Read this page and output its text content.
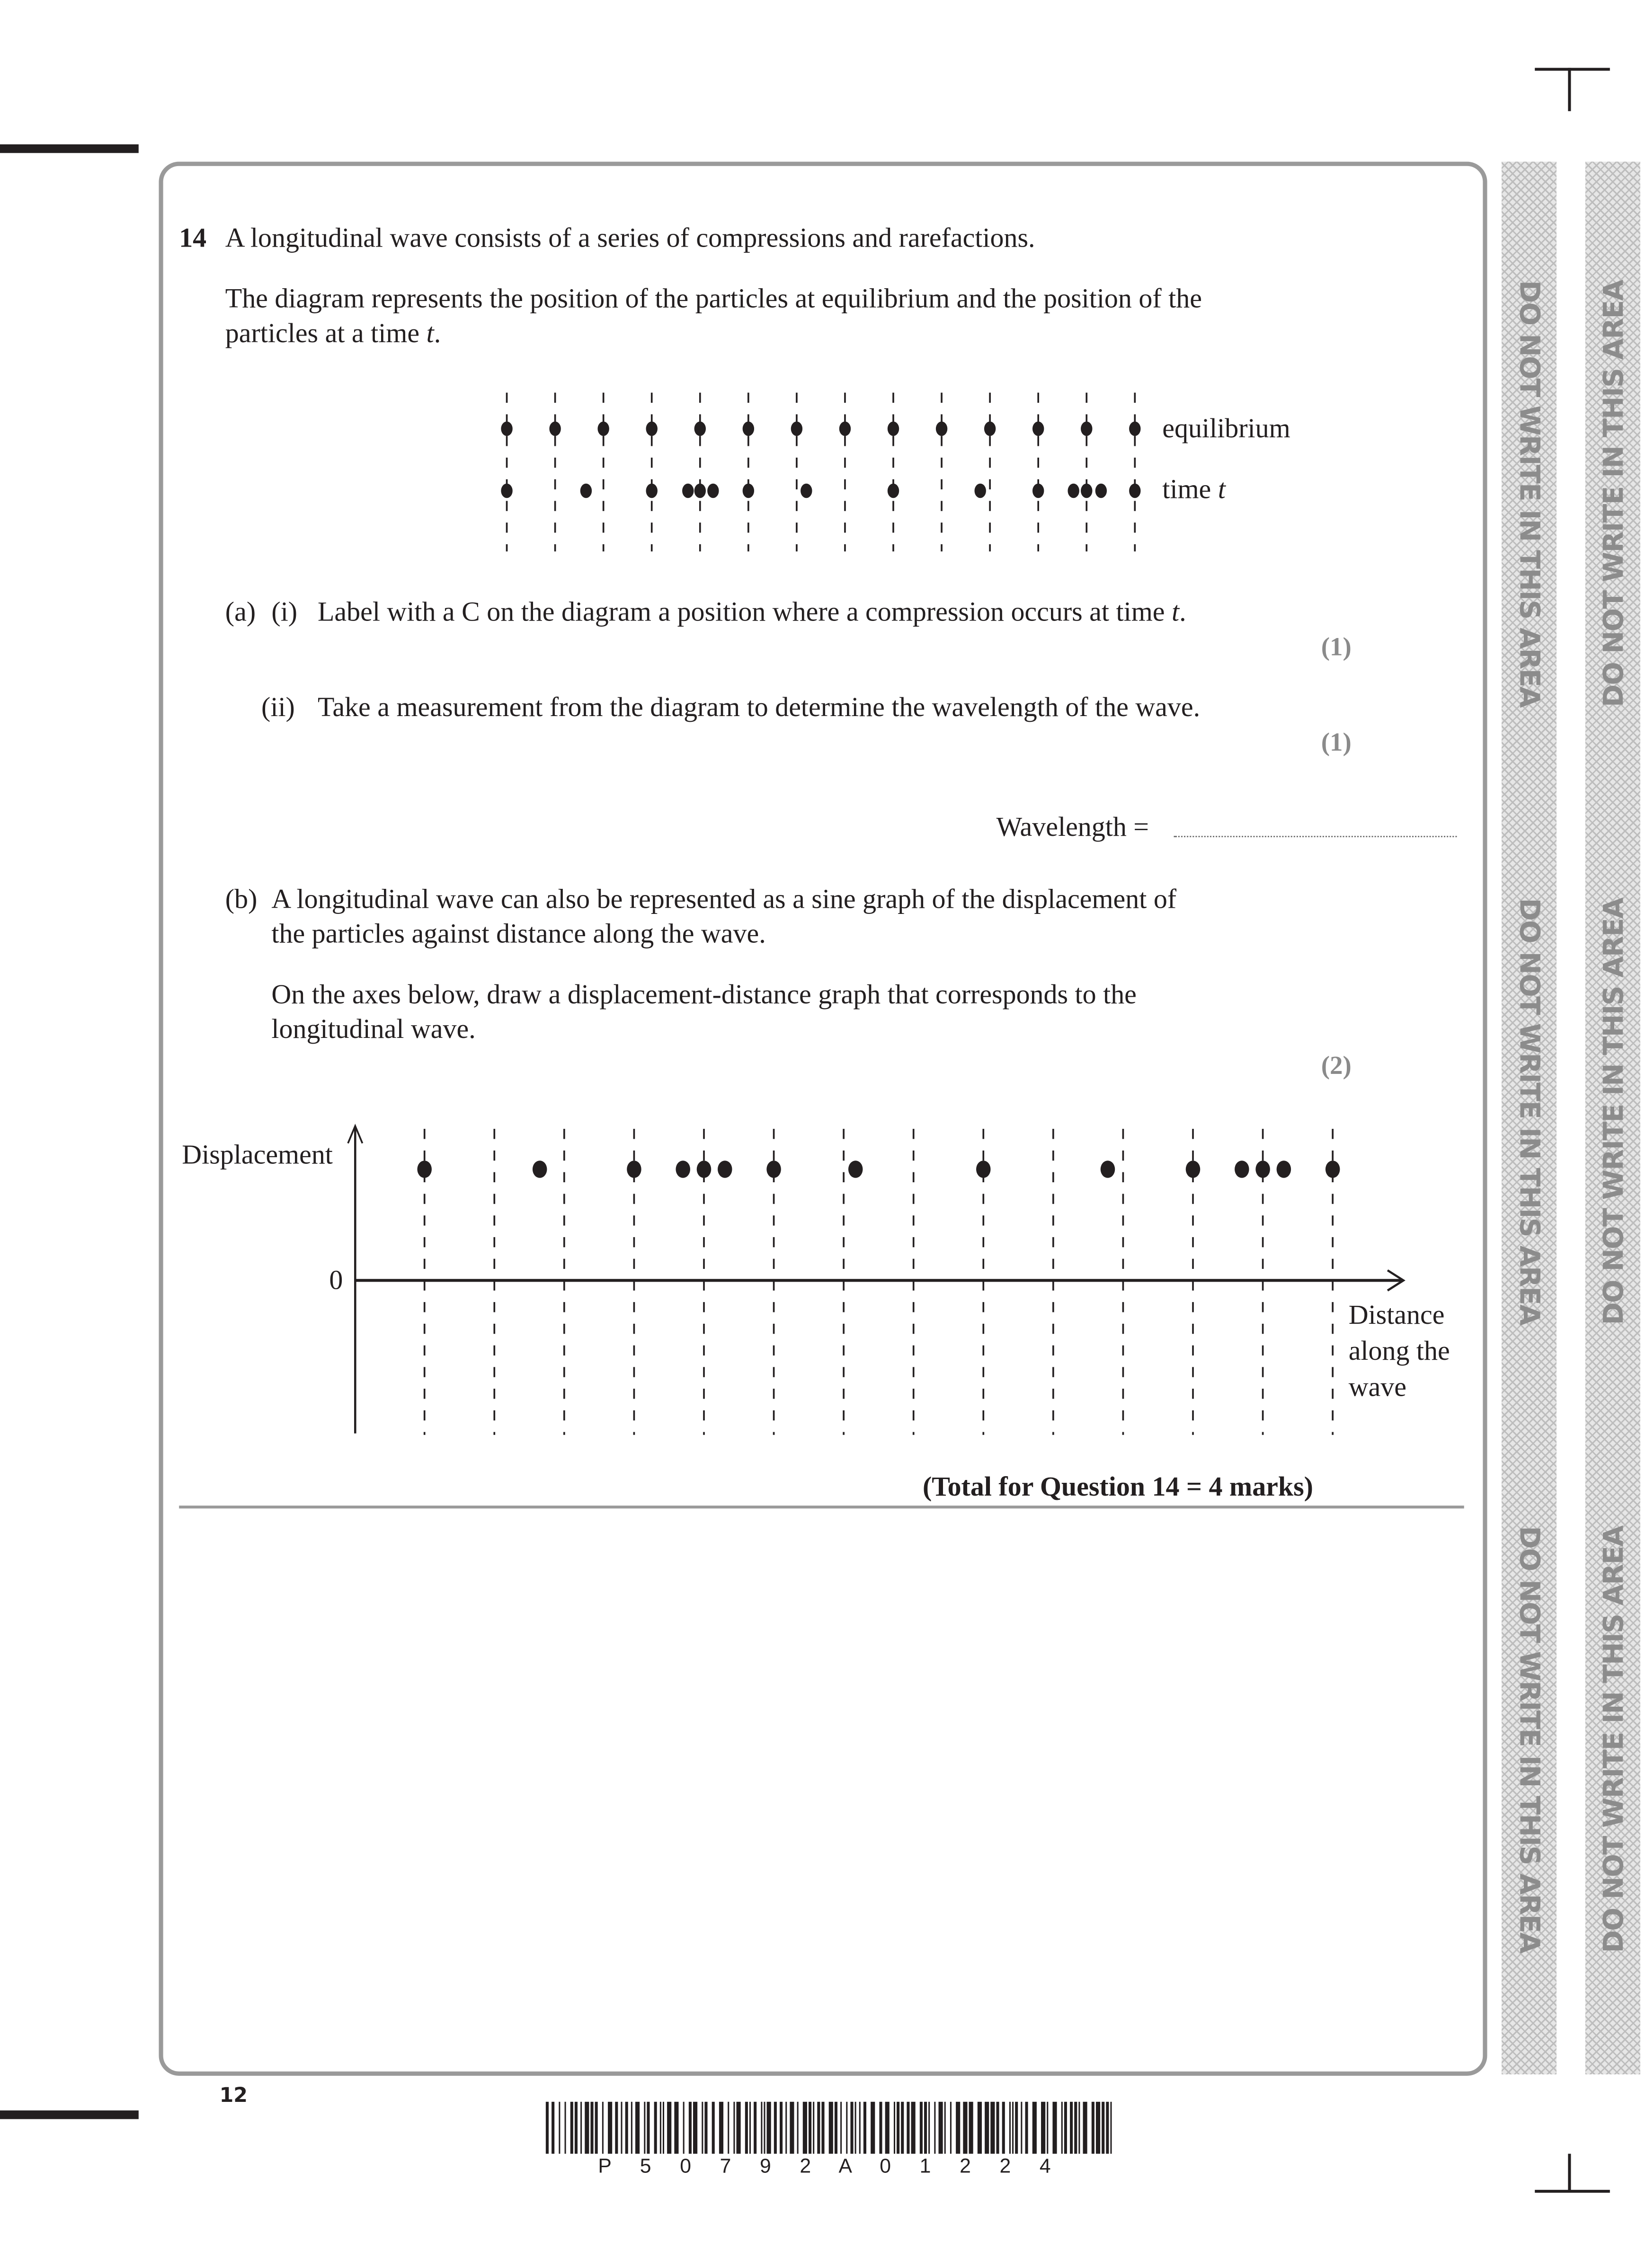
DO NOT WRITE IN THIS AREA
DO NOT WRITE IN THIS AREA
DO NOT WRITE IN THIS AREA
DO NOT WRITE IN THIS AREA
DO NOT WRITE IN THIS AREA
DO NOT WRITE IN THIS AREA
14 A longitudinal wave consists of a series of compressions and rarefactions.
The diagram represents the position of the particles at equilibrium and the position of the
particles at a time t.
equilibrium
time t
(a) (i) Label with a C on the diagram a position where a compression occurs at time t.
(1)
(ii)	Take a measurement from the diagram to determine the wavelength of the wave.
(1)
Wavelength =
(b) A longitudinal wave can also be represented as a sine graph of the displacement of
the particles against distance along the wave.
On the axes below, draw a displacement-distance graph that corresponds to the
longitudinal wave.
(2)
Displacement
0
Distance
along the
wave
(Total for Question 14 = 4 marks)
12
P 5 0 7 9 2 A 0 1 2 2 4
